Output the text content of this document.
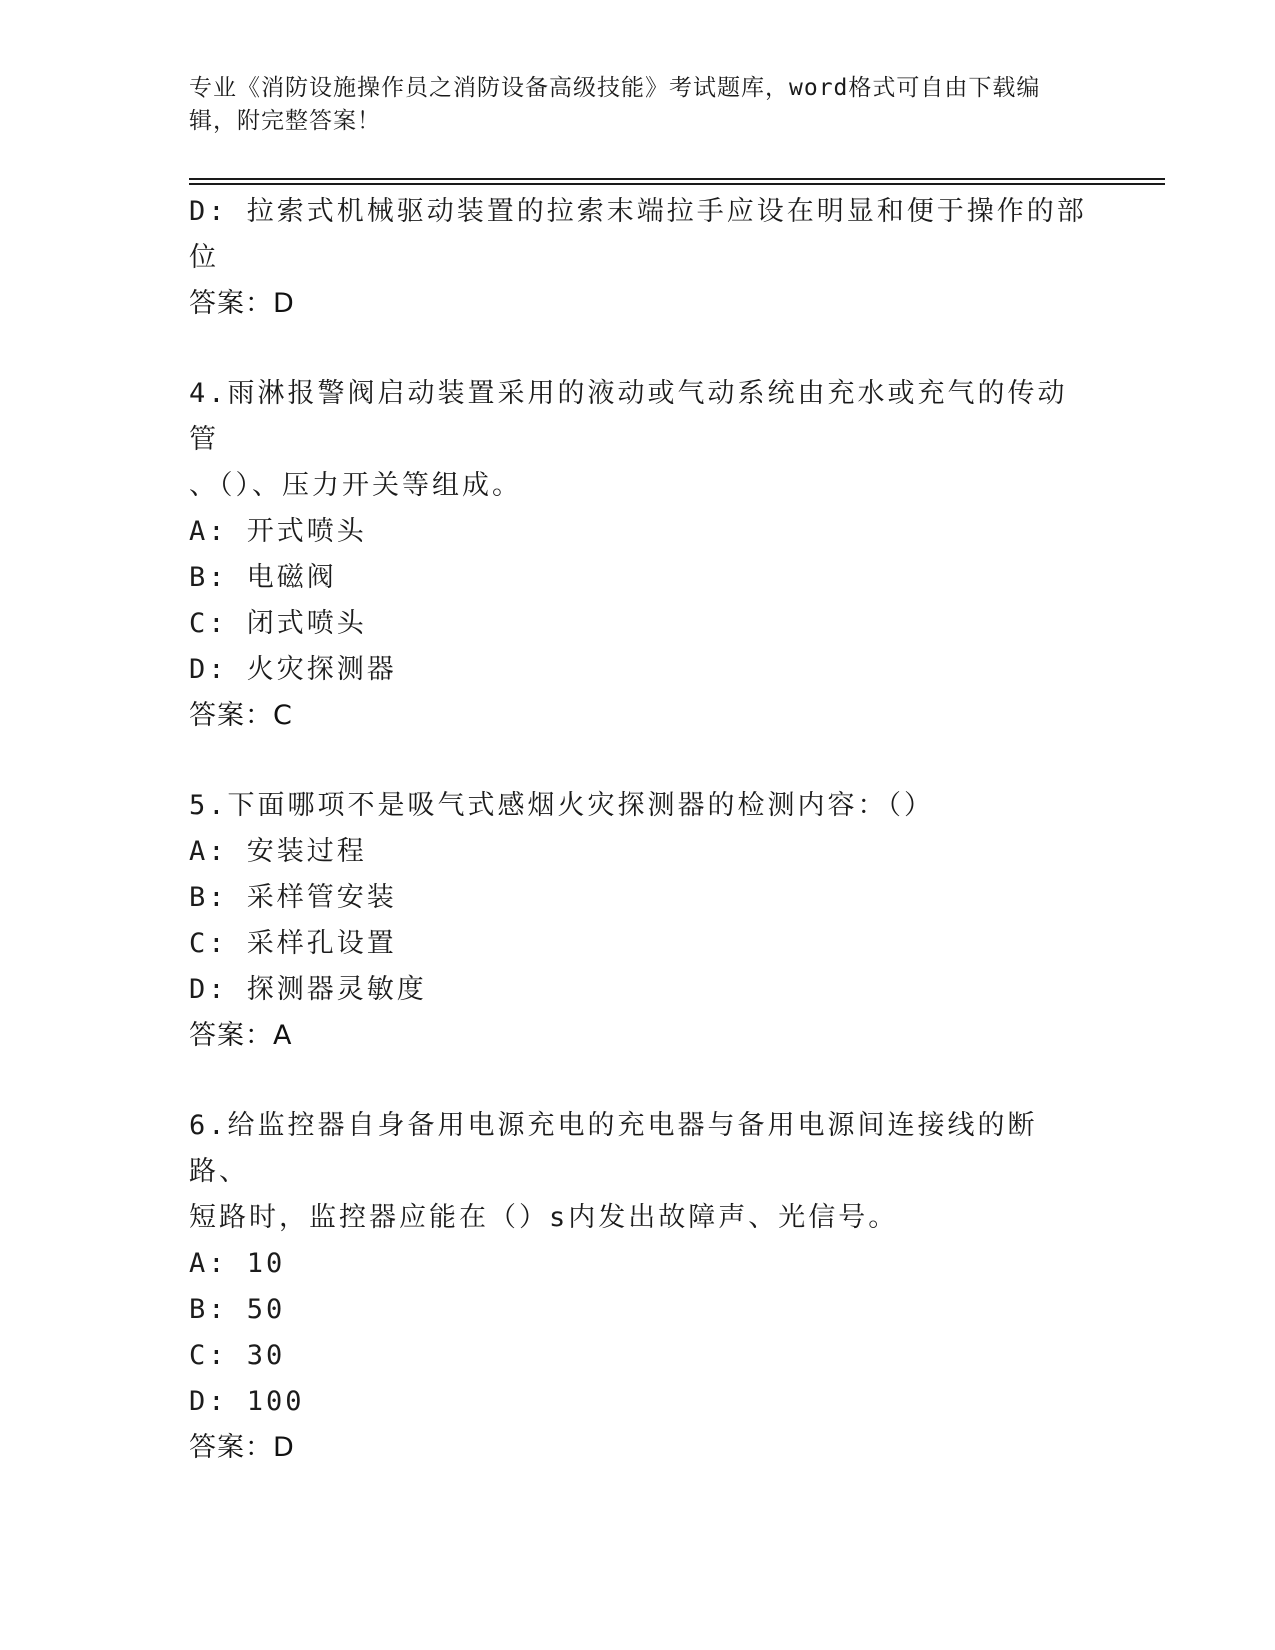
专业《消防设施操作员之消防设备高级技能》考试题库，word格式可自由下载编
辑，附完整答案！
D: 拉索式机械驱动装置的拉索末端拉手应设在明显和便于操作的部位
答案：D
4.雨淋报警阀启动装置采用的液动或气动系统由充水或充气的传动管
、（）、压力开关等组成。
A: 开式喷头
B: 电磁阀
C: 闭式喷头
D: 火灾探测器
答案：C
5.下面哪项不是吸气式感烟火灾探测器的检测内容：（）
A: 安装过程
B: 采样管安装
C: 采样孔设置
D: 探测器灵敏度
答案：A
6.给监控器自身备用电源充电的充电器与备用电源间连接线的断路、
短路时，监控器应能在（）s内发出故障声、光信号。
A: 10
B: 50
C: 30
D: 100
答案：D
